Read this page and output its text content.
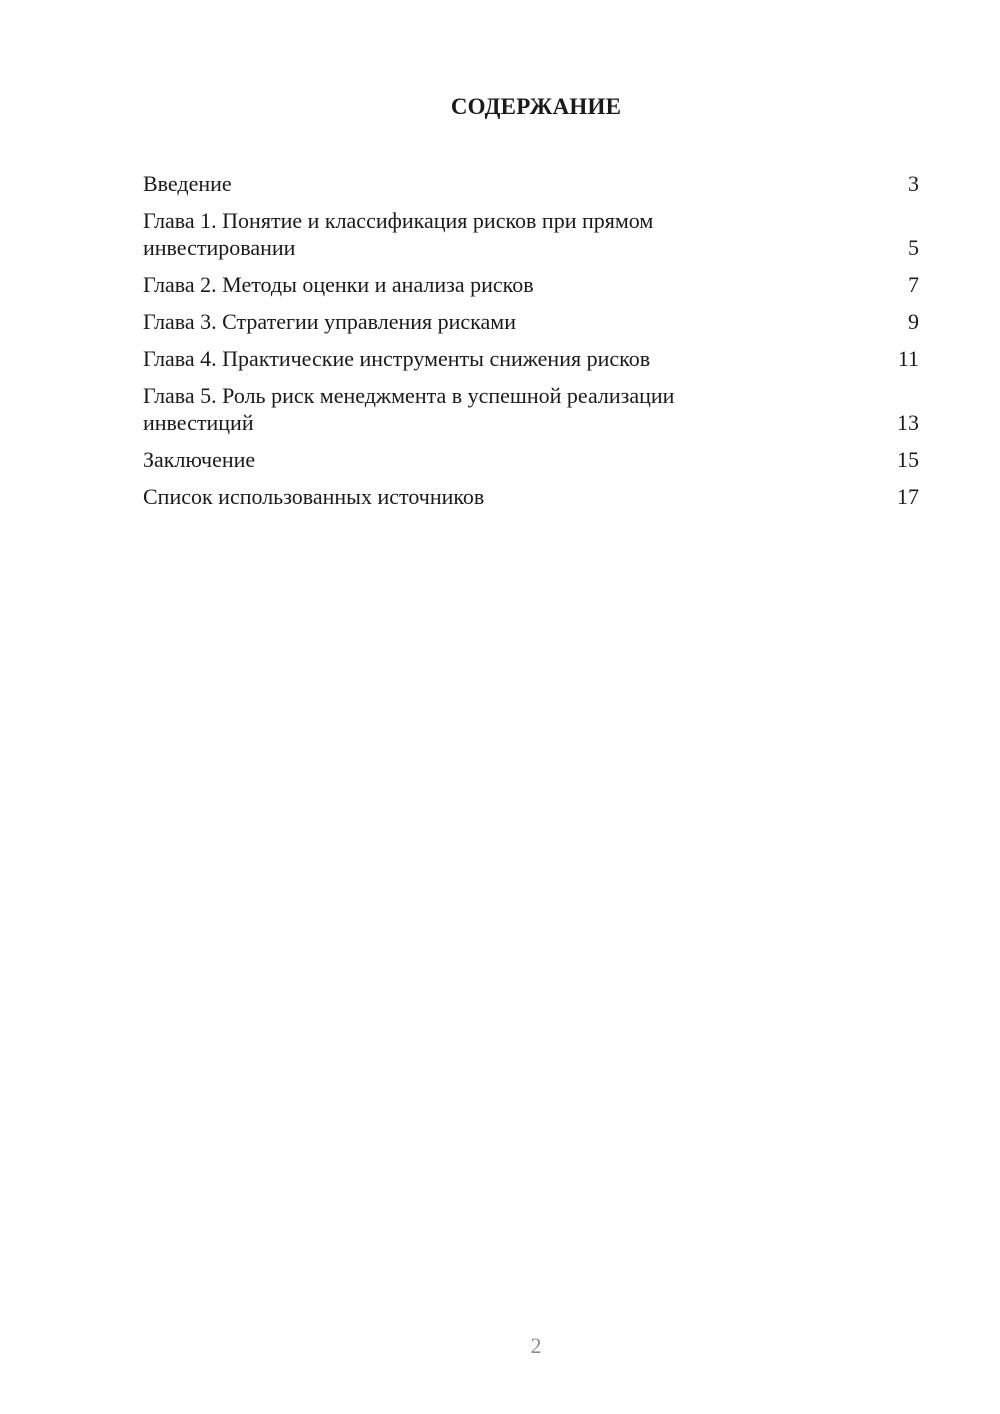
СОДЕРЖАНИЕ
Введение	3
Глава 1. Понятие и классификация рисков при прямом
инвестировании	5
Глава 2. Методы оценки и анализа рисков	7
Глава 3. Стратегии управления рисками	9
Глава 4. Практические инструменты снижения рисков	11
Глава 5. Роль риск менеджмента в успешной реализации
инвестиций	13
Заключение	15
Список использованных источников	17
2
